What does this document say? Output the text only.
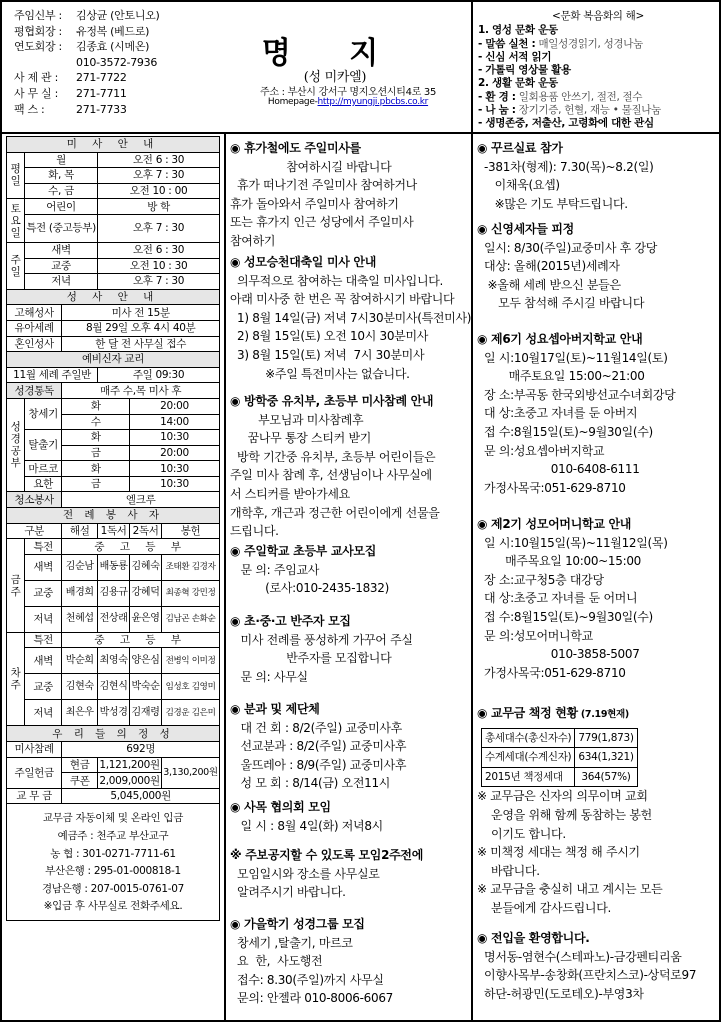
주임신부 : 김상균 (안토니오)
평협회장 : 유정복 (베드로)
연도회장 : 김종효 (시메온)
010-3572-7936
사 제 관 : 271-7722
사 무 실 : 271-7711
팩 스 :	271-7733
명 지
(성 미카엘)
주소 : 부산시 강서구 명지오션시티4로 35
Homepage-http://myungji.pbcbs.co.kr
<문화 복음화의 해>
1. 영성 문화 운동
- 말씀 실천 : 매일성경읽기, 성경나눔
- 신심 서적 읽기
- 가톨릭 영상물 활용
2. 생활 문화 운동
- 환 경 : 일회용품 안쓰기, 절전, 절수
- 나 눔 : 장기기증, 헌혈, 재능 • 물질나눔
- 생명존중, 저출산, 고령화에 대한 관심
미 사 안 내					
평일	월		오전 6 : 30		
	화, 목		오후 7 : 30		
	수, 금		오전 10 : 00		
토요일	어린이		방 학		
	특전 (중고등부)		오후 7 : 30		
주일	새벽		오전 6 : 30		
	교중		오전 10 : 30		
	저녁		오후 7 : 30		
성 사 안 내					
고해성사		미사 전 15분			
유아세례		8월 29일 오후 4시 40분			
혼인성사		한 달 전 사무실 접수			
예비신자 교리					
11월 세례 주일반			주일 09:30		
성경통독		매주 수,목 미사 후			
성경공부	창세기	화		20:00	
		수		14:00	
	탈출기	화		10:30	
		금		20:00	
	마르코	화		10:30	
	요한	금		10:30	
청소봉사		엘크루			
전 례 봉 사 자					
구분		해설	1독서	2독서	봉헌
금주	특전	중 고 등 부			
	새벽	김순남	배동룡	김혜숙	조태환 김경자
	교중	배경희	김용규	강혜덕	최종혁 강민정
	저녁	천혜섭	전상래	윤은영	김남곤 손화순
차주	특전	중 고 등 부			
	새벽	박순희	최영숙	양은심	전병익 이미정
	교중	김현숙	김현식	박숙순	임성호 김영미
	저녁	최은우	박성경	김재령	김경운 김은미
우 리 들 의 정 성					
미사참례		692명			
주일헌금		현금	1,121,200원		3,130,200원
		쿠폰	2,009,000원		
교 무 금		5,045,000원			
교무금 자동이체 및 온라인 입금
예금주 : 천주교 부산교구
농 협 : 301-0271-7711-61
부산은행 : 295-01-000818-1
경남은행 : 207-0015-0761-07
※입금 후 사무실로 전화주세요.
◉ 휴가철에도 주일미사를
참여하시길 바랍니다
휴가 떠나기전 주일미사 참여하거나
휴가 돌아와서 주일미사 참여하기
또는 휴가지 인근 성당에서 주일미사
참여하기
◉ 성모승천대축일 미사 안내
의무적으로 참여하는 대축일 미사입니다.
아래 미사중 한 번은 꼭 참여하시기 바랍니다
1) 8월 14일(금) 저녁 7시30분미사(특전미사)
2) 8월 15일(토) 오전 10시 30분미사
3) 8월 15일(토) 저녁  7시 30분미사
※주일 특전미사는 없습니다.
◉ 방학중 유치부, 초등부 미사참례 안내
부모님과 미사참례후
꿈나무 통장 스티커 받기
방학 기간중 유치부, 초등부 어린이들은
주일 미사 참례 후, 선생님이나 사무실에
서 스티커를 받아가세요
개학후, 개근과 정근한 어린이에게 선물을
드립니다.
◉ 주일학교 초등부 교사모집
문 의: 주임교사
(로사:010-2435-1832)
◉ 초·중·고 반주자 모집
미사 전례를 풍성하게 가꾸어 주실
반주자를 모집합니다
문 의: 사무실
◉ 분과 및 제단체
대 건 회 : 8/2(주일) 교중미사후
선교분과 : 8/2(주일) 교중미사후
울뜨레아 : 8/9(주일) 교중미사후
성 모 회 : 8/14(금) 오전11시
◉ 사목 협의회 모임
일 시 : 8월 4일(화) 저녁8시
※ 주보공지할 수 있도록 모임2주전에
모임일시와 장소를 사무실로
알려주시기 바랍니다.
◉ 가을학기 성경그룹 모집
창세기 ,탈출기, 마르코
요  한,  사도행전
접수: 8.30(주일)까지 사무실
문의: 안젤라 010-8006-6067
◉ 꾸르실료 참가
-381차(형제): 7.30(목)~8.2(일)
이채욱(요셉)
※많은 기도 부탁드립니다.
◉ 신영세자들 피정
일시: 8/30(주일)교중미사 후 강당
대상: 올해(2015년)세례자
※올해 세례 받으신 분들은
모두 참석해 주시길 바랍니다
◉ 제6기 성요셉아버지학교 안내
일 시:10월17일(토)~11월14일(토)
매주토요일 15:00~21:00
장 소:부곡동 한국외방선교수녀회강당
대 상:초중고 자녀를 둔 아버지
접 수:8월15일(토)~9월30일(수)
문 의:성요셉아버지학교
010-6408-6111
가정사목국:051-629-8710
◉ 제2기 성모어머니학교 안내
일 시:10월15일(목)~11월12일(목)
매주목요일 10:00~15:00
장 소:교구청5층 대강당
대 상:초중고 자녀를 둔 어머니
접 수:8월15일(토)~9월30일(수)
문 의:성모어머니학교
010-3858-5007
가정사목국:051-629-8710
◉ 교무금 책정 현황 (7.19현재)
총세대수(총신자수)	779(1,873)
수계세대(수계신자)	634(1,321)
2015년 책정세대	364(57%)
※ 교무금은 신자의 의무이며 교회
운영을 위해 함께 동참하는 봉헌
이기도 합니다.
※ 미책정 세대는 책정 해 주시기
바랍니다.
※ 교무금을 충실히 내고 계시는 모든
분들에게 감사드립니다.
◉ 전입을 환영합니다.
명서동-염현수(스테파노)-금강펜티리움
이향사목부-송창화(프란치스코)-상덕로97
하단-허광민(도로테오)-부영3차
